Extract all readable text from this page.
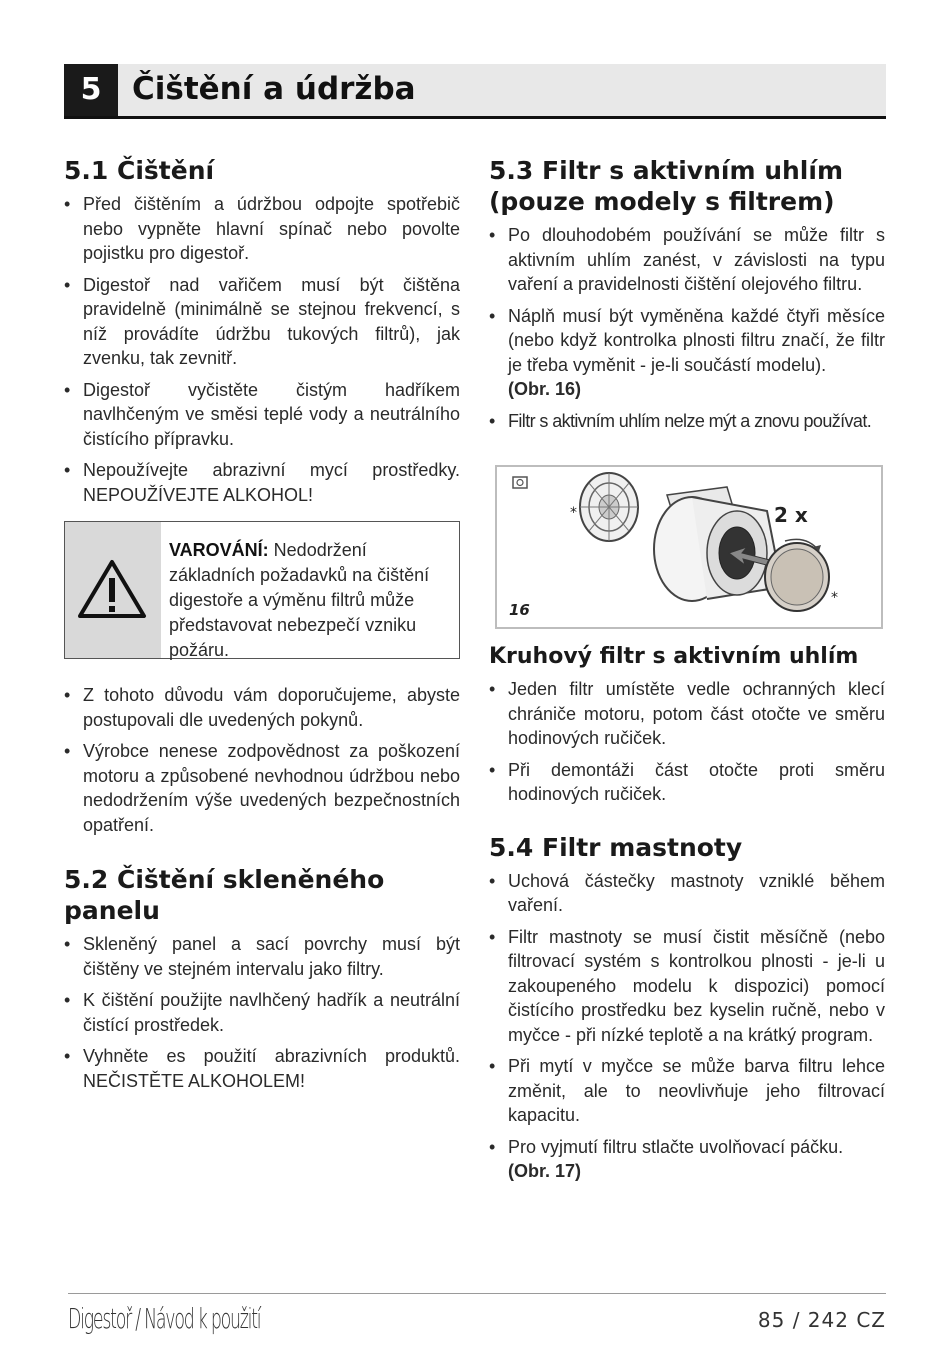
5 Čištění a údržba
5.1 Čištění
• Před čištěním a údržbou odpojte spotřebič nebo vypněte hlavní spínač nebo povolte pojistku pro digestoř.
• Digestoř nad vařičem musí být čištěna pravidelně (minimálně se stejnou frekvencí, s níž provádíte údržbu tukových filtrů), jak zvenku, tak zevnitř.
• Digestoř vyčistěte čistým hadříkem navlhčeným ve směsi teplé vody a neutrálního čistícího přípravku.
• Nepoužívejte abrazivní mycí prostředky. NEPOUŽÍVEJTE ALKOHOL!
VAROVÁNÍ: Nedodržení základních požadavků na čištění digestoře a výměnu filtrů může představovat nebezpečí vzniku požáru.
• Z tohoto důvodu vám doporučujeme, abyste postupovali dle uvedených pokynů.
• Výrobce nenese zodpovědnost za poškození motoru a způsobené nevhodnou údržbou nebo nedodržením výše uvedených bezpečnostních opatření.
5.2 Čištění skleněného panelu
• Skleněný panel a sací povrchy musí být čištěny ve stejném intervalu jako filtry.
• K čištění použijte navlhčený hadřík a neutrální čistící prostředek.
• Vyhněte es použití abrazivních produktů. NEČISTĚTE ALKOHOLEM!
5.3 Filtr s aktivním uhlím
(pouze modely s filtrem)
• Po dlouhodobém používání se může filtr s aktivním uhlím zanést, v závislosti na typu vaření a pravidelnosti čištění olejového filtru.
• Náplň musí být vyměněna každé čtyři měsíce (nebo když kontrolka plnosti filtru značí, že filtr je třeba vyměnit - je-li součástí modelu).
(Obr. 16)
• Filtr s aktivním uhlím nelze mýt a znovu používat.
*
*
2 x
16
Kruhový filtr s aktivním uhlím
• Jeden filtr umístěte vedle ochranných klecí chrániče motoru, potom část otočte ve směru hodinových ručiček.
• Při demontáži část otočte proti směru hodinových ručiček.
5.4 Filtr mastnoty
• Uchová částečky mastnoty vzniklé během vaření.
• Filtr mastnoty se musí čistit měsíčně (nebo filtrovací systém s kontrolkou plnosti - je-li u zakoupeného modelu k dispozici) pomocí čistícího prostředku bez kyselin ručně, nebo v myčce - při nízké teplotě a na krátký program.
• Při mytí v myčce se může barva filtru lehce změnit, ale to neovlivňuje jeho filtrovací kapacitu.
• Pro vyjmutí filtru stlačte uvolňovací páčku.
(Obr. 17)
Digestoř / Návod k použití	85 / 242 CZ
